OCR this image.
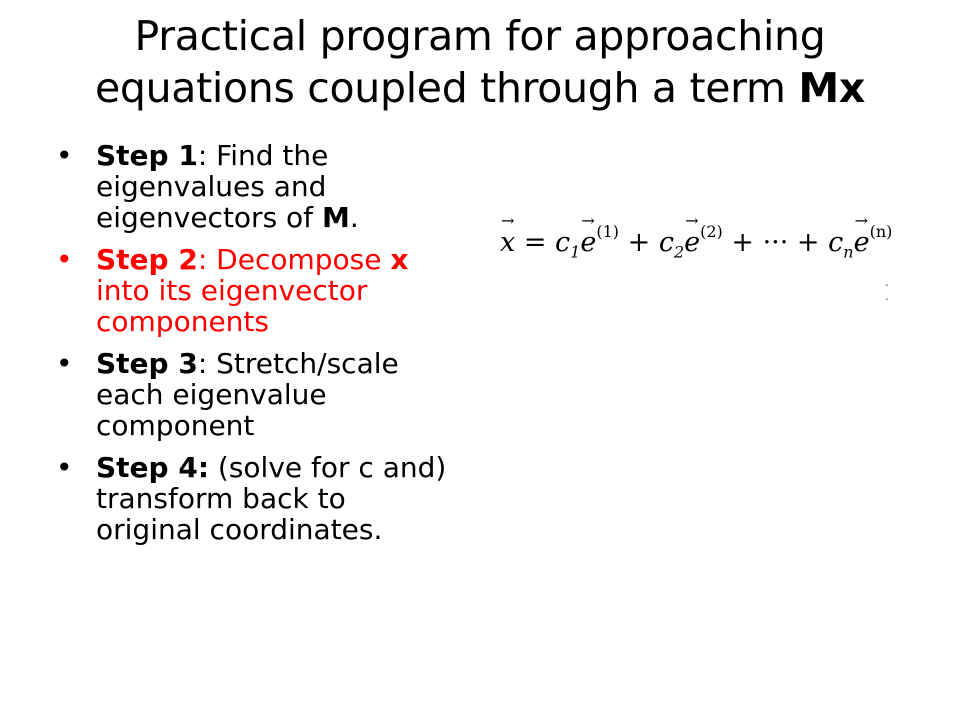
Practical program for approaching
equations coupled through a term Mx
• Step 1: Find the eigenvalues and eigenvectors of M.
• Step 2: Decompose x into its eigenvector components
• Step 3: Stretch/scale each eigenvalue component
• Step 4: (solve for c and) transform back to original coordinates.
→ $x = c_1\to e^{(1)} + c_2\to e^{(2)}$ + ··· + $c_n\to e^{(n)}$
. .
